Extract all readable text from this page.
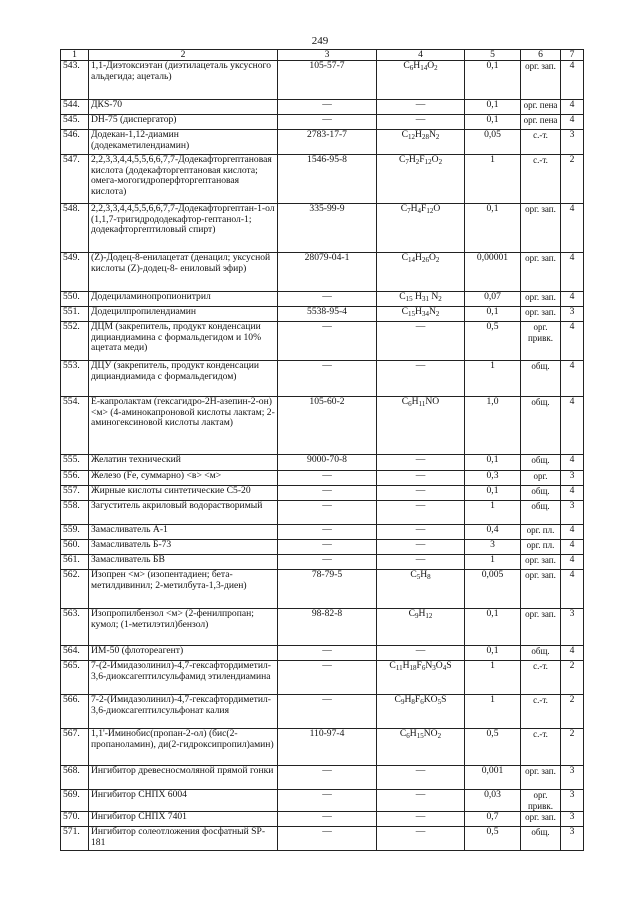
249
1	2	3	4	5	6	7
543.	1,1-Диэтоксиэтан (диэтилацеталь уксусного альдегида; ацеталь)	105-57-7	$C_6H_{14}O_2$	0,1	орг. зап.	4
544.	ДКS-70	—	—	0,1	орг. пена	4
545.	DH-75 (диспергатор)	—	—	0,1	орг. пена	4
546.	Додекан-1,12-диамин (додекаметилендиамин)	2783-17-7	$C_{12}H_{28}N_2$	0,05	с.-т.	3
547.	2,2,3,3,4,4,5,5,6,6,7,7-Додекафторгептановая кислота (додекафторгептановая кислота; омега-могогидроперфторгептановая кислота)	1546-95-8	$C_7H_2F_{12}O_2$	1	с.-т.	2
548.	2,2,3,3,4,4,5,5,6,6,7,7-Додекафторгептан-1-ол (1,1,7-тригидрододекафтор-гептанол-1; додекафторгептиловый спирт)	335-99-9	$C_7H_4F_{12}O$	0,1	орг. зап.	4
549.	(Z)-Додец-8-енилацетат (денацил; уксусной кислоты (Z)-додец-8- ениловый эфир)	28079-04-1	$C_{14}H_{26}O_2$	0,00001	орг. зап.	4
550.	Додециламинопропионитрил	—	$C_{15}$ $H_{31}$ $N_2$	0,07	орг. зап.	4
551.	Додецилпропилендиамин	5538-95-4	$C_{15}H_{34}N_2$	0,1	орг. зап.	3
552.	ДЦМ (закрепитель, продукт конденсации дициандиамина с формальдегидом и 10% ацетата меди)	—	—	0,5	орг. привк.	4
553.	ДЦУ (закрепитель, продукт конденсации дициандиамида с формальдегидом)	—	—	1	общ.	4
554.	Е-капролактам (гексагидро-2Н-азепин-2-он) <м> (4-аминокапроновой кислоты лактам; 2-аминогексиновой кислоты лактам)	105-60-2	$C_6H_{11}NO$	1,0	общ.	4
555.	Желатин технический	9000-70-8	—	0,1	общ.	4
556.	Железо (Fe, суммарно) <в> <м>	—	—	0,3	орг.	3
557.	Жирные кислоты синтетические С5-20	—	—	0,1	общ.	4
558.	Загуститель акриловый водорастворимый	—	—	1	общ.	3
559.	Замасливатель А-1	—	—	0,4	орг. пл.	4
560.	Замасливатель Б-73	—	—	3	орг. пл.	4
561.	Замасливатель БВ	—	—	1	орг. зап.	4
562.	Изопрен <м> (изопентадиен; бета-метилдивинил; 2-метилбута-1,3-диен)	78-79-5	$C_5H_8$	0,005	орг. зап.	4
563.	Изопропилбензол <м> (2-фенилпропан; кумол; (1-метилэтил)бензол)	98-82-8	$C_9H_{12}$	0,1	орг. зап.	3
564.	ИМ-50 (флотореагент)	—	—	0,1	общ.	4
565.	7-(2-Имидазолинил)-4,7-гексафтордиметил- 3,6-диоксагептилсульфамид этилендиамина	—	$C_{11}H_{18}F_6N_3O_4S$	1	с.-т.	2
566.	7-2-(Имидазолинил)-4,7-гексафтордиметил- 3,6-диоксагептилсульфонат калия	—	$C_9H_8F_6KO_5S$	1	с.-т.	2
567.	1,1'-Иминобис(пропан-2-ол) (бис(2-пропаноламин), ди(2-гидроксипропил)амин)	110-97-4	$C_6H_{15}NO_2$	0,5	с.-т.	2
568.	Ингибитор древесносмоляной прямой гонки	—	—	0,001	орг. зап.	3
569.	Ингибитор СНПХ 6004	—	—	0,03	орг. привк.	3
570.	Ингибитор СНПХ 7401	—	—	0,7	орг. зап.	3
571.	Ингибитор солеотложения фосфатный SP-181	—	—	0,5	общ.	3
